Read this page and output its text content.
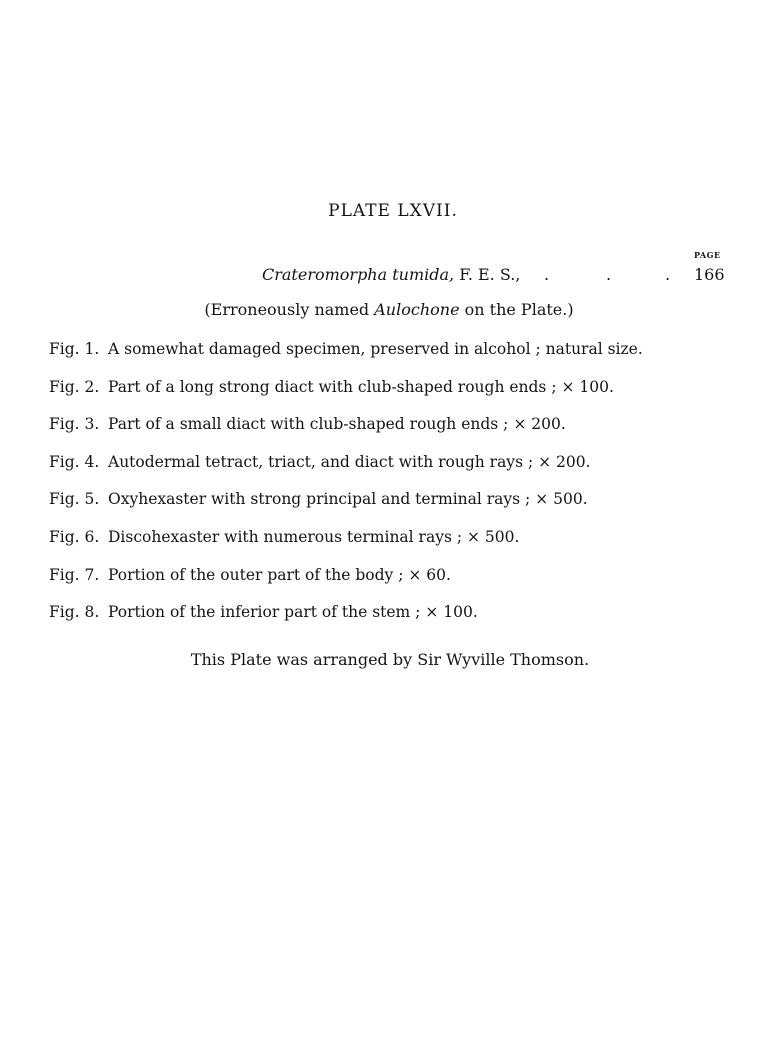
PLATE LXVII.
PAGE
Crateromorpha tumida, F. E. S., .	.	. 166
(Erroneously named Aulochone on the Plate.)
Fig. 1. A somewhat damaged specimen, preserved in alcohol ; natural size.
Fig. 2. Part of a long strong diact with club-shaped rough ends ; × 100.
Fig. 3. Part of a small diact with club-shaped rough ends ; × 200.
Fig. 4. Autodermal tetract, triact, and diact with rough rays ; × 200.
Fig. 5. Oxyhexaster with strong principal and terminal rays ; × 500.
Fig. 6. Discohexaster with numerous terminal rays ; × 500.
Fig. 7. Portion of the outer part of the body ; × 60.
Fig. 8. Portion of the inferior part of the stem ; × 100.
This Plate was arranged by Sir Wyville Thomson.
